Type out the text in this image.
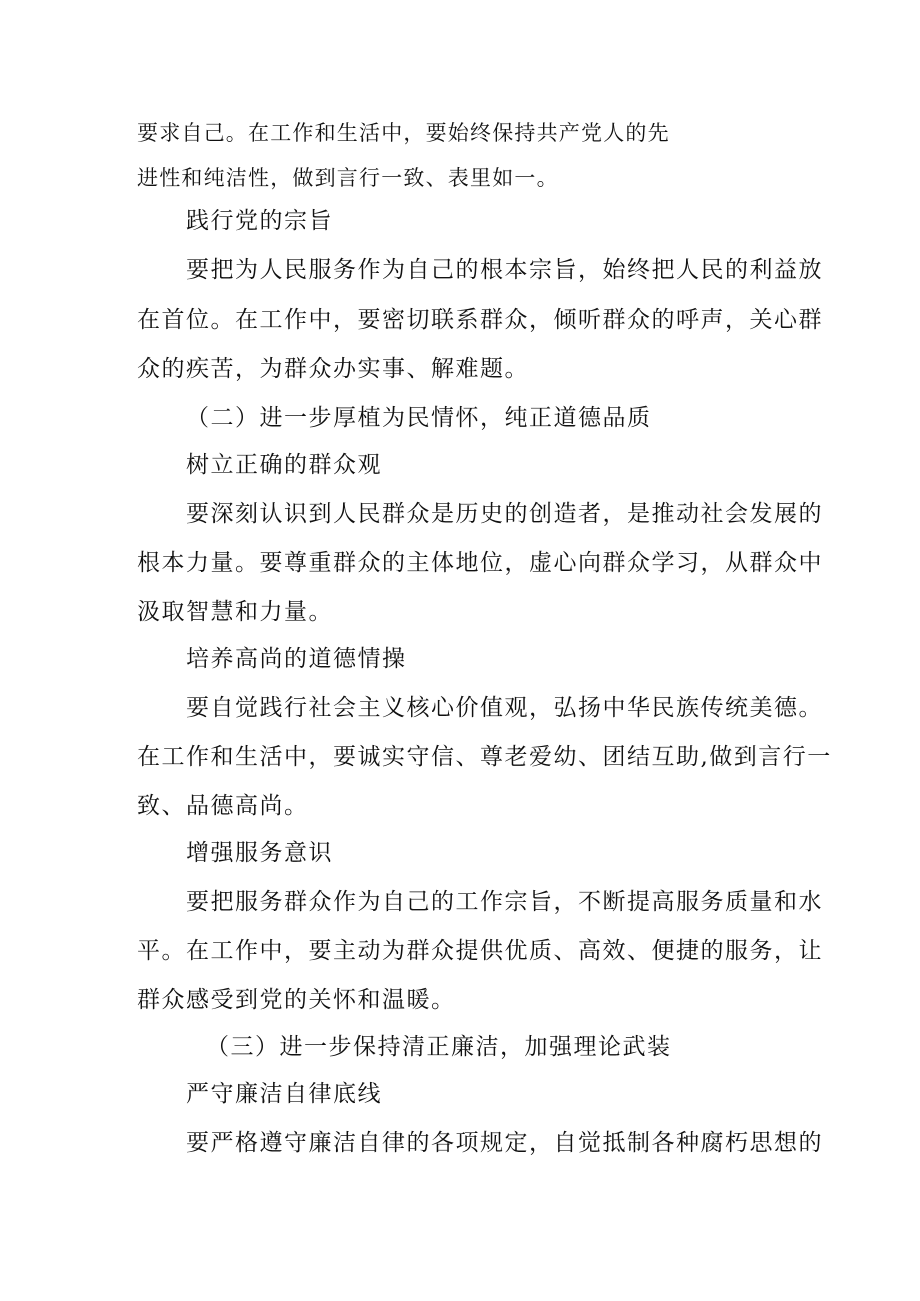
要求自己。在工作和生活中，要始终保持共产党人的先

进性和纯洁性，做到言行一致、表里如一。

践行党的宗旨

要把为人民服务作为自己的根本宗旨，始终把人民的利益放

在首位。在工作中，要密切联系群众，倾听群众的呼声，关心群

众的疾苦，为群众办实事、解难题。

（二）进一步厚植为民情怀，纯正道德品质

树立正确的群众观

要深刻认识到人民群众是历史的创造者，是推动社会发展的

根本力量。要尊重群众的主体地位，虚心向群众学习，从群众中

汲取智慧和力量。

培养高尚的道德情操

要自觉践行社会主义核心价值观，弘扬中华民族传统美德。

在工作和生活中，要诚实守信、尊老爱幼、团结互助,做到言行一

致、品德高尚。

增强服务意识

要把服务群众作为自己的工作宗旨，不断提高服务质量和水

平。在工作中，要主动为群众提供优质、高效、便捷的服务，让

群众感受到党的关怀和温暖。

（三）进一步保持清正廉洁，加强理论武装

严守廉洁自律底线

要严格遵守廉洁自律的各项规定，自觉抵制各种腐朽思想的
